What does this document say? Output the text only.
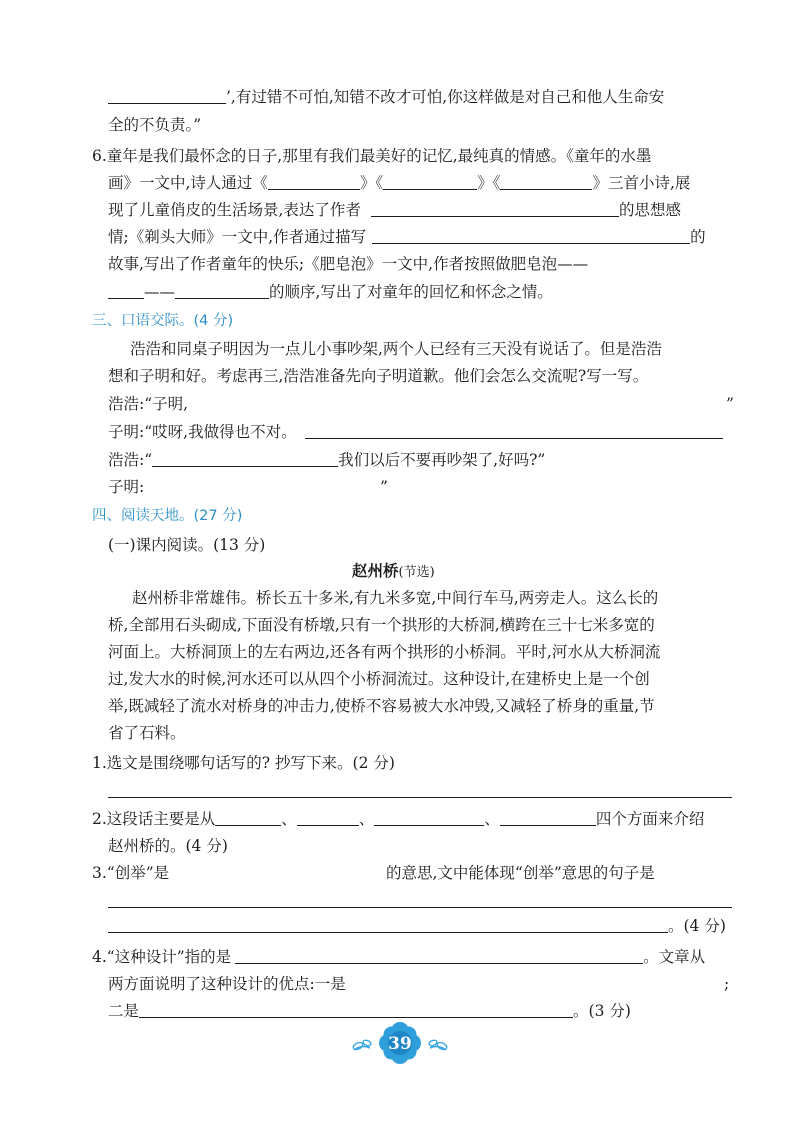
’,有过错不可怕,知错不改才可怕,你这样做是对自己和他人生命安
全的不负责。”
6.童年是我们最怀念的日子,那里有我们最美好的记忆,最纯真的情感。《童年的水墨
画》一文中,诗人通过《	》《	》《	》三首小诗,展
现了儿童俏皮的生活场景,表达了作者	的思想感
情;《剃头大师》一文中,作者通过描写	的
故事,写出了作者童年的快乐;《肥皂泡》一文中,作者按照做肥皂泡——
——	的顺序,写出了对童年的回忆和怀念之情。
三、口语交际。(4 分)
浩浩和同桌子明因为一点儿小事吵架,两个人已经有三天没有说话了。但是浩浩
想和子明和好。考虑再三,浩浩准备先向子明道歉。他们会怎么交流呢?写一写。
浩浩:“子明,	”
子明:“哎呀,我做得也不对。
浩浩:“	我们以后不要再吵架了,好吗?”
子明:	”
四、阅读天地。(27 分)
(一)课内阅读。(13 分)
赵州桥(节选)
赵州桥非常雄伟。桥长五十多米,有九米多宽,中间行车马,两旁走人。这么长的
桥,全部用石头砌成,下面没有桥墩,只有一个拱形的大桥洞,横跨在三十七米多宽的
河面上。大桥洞顶上的左右两边,还各有两个拱形的小桥洞。平时,河水从大桥洞流
过,发大水的时候,河水还可以从四个小桥洞流过。这种设计,在建桥史上是一个创
举,既减轻了流水对桥身的冲击力,使桥不容易被大水冲毁,又减轻了桥身的重量,节
省了石料。
1.选文是围绕哪句话写的? 抄写下来。(2 分)
2.这段话主要是从	、	、	、	四个方面来介绍
赵州桥的。(4 分)
3.“创举”是	的意思,文中能体现“创举”意思的句子是
。(4 分)
4.“这种设计”指的是	。文章从
两方面说明了这种设计的优点:一是	;
二是	。(3 分)
39
